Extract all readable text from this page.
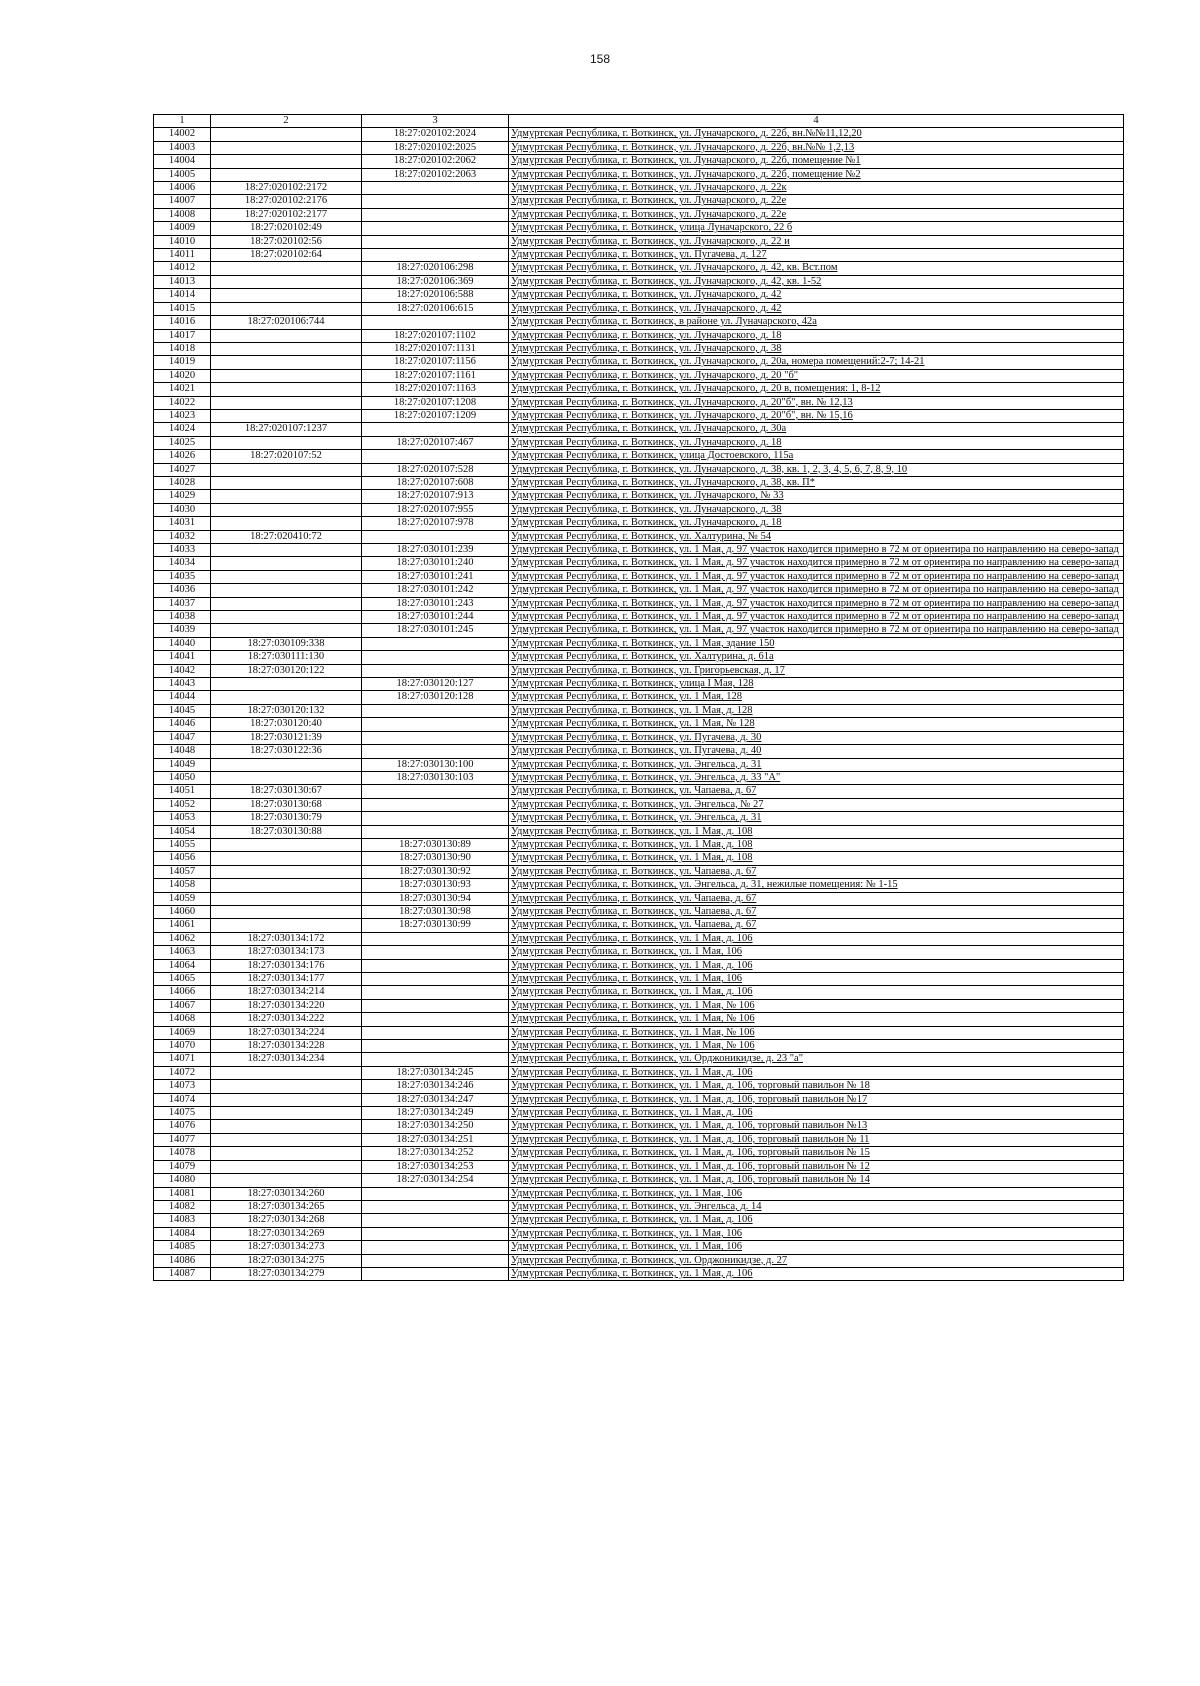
158
1	2	3	4
14002		18:27:020102:2024	Удмуртская Республика, г. Воткинск, ул. Луначарского, д. 22б, вн.№№11,12,20
14003		18:27:020102:2025	Удмуртская Республика, г. Воткинск, ул. Луначарского, д. 22б, вн.№№ 1,2,13
14004		18:27:020102:2062	Удмуртская Республика, г. Воткинск, ул. Луначарского, д. 22б, помещение №1
14005		18:27:020102:2063	Удмуртская Республика, г. Воткинск, ул. Луначарского, д. 22б, помещение №2
14006	18:27:020102:2172		Удмуртская Республика, г. Воткинск, ул. Луначарского, д. 22к
14007	18:27:020102:2176		Удмуртская Республика, г. Воткинск, ул. Луначарского, д. 22е
14008	18:27:020102:2177		Удмуртская Республика, г. Воткинск, ул. Луначарского, д. 22е
14009	18:27:020102:49		Удмуртская Республика, г. Воткинск, улица Луначарского, 22 б
14010	18:27:020102:56		Удмуртская Республика, г. Воткинск, ул. Луначарского, д. 22 и
14011	18:27:020102:64		Удмуртская Республика, г. Воткинск, ул. Пугачева, д. 127
14012		18:27:020106:298	Удмуртская Республика, г. Воткинск, ул. Луначарского, д. 42, кв. Вст.пом
14013		18:27:020106:369	Удмуртская Республика, г. Воткинск, ул. Луначарского, д. 42, кв. 1-52
14014		18:27:020106:588	Удмуртская Республика, г. Воткинск, ул. Луначарского, д. 42
14015		18:27:020106:615	Удмуртская Республика, г. Воткинск, ул. Луначарского, д. 42
14016	18:27:020106:744		Удмуртская Республика, г. Воткинск, в районе ул. Луначарского, 42а
14017		18:27:020107:1102	Удмуртская Республика, г. Воткинск, ул. Луначарского, д. 18
14018		18:27:020107:1131	Удмуртская Республика, г. Воткинск, ул. Луначарского, д. 38
14019		18:27:020107:1156	Удмуртская Республика, г. Воткинск, ул. Луначарского, д. 20а, номера помещений:2-7; 14-21
14020		18:27:020107:1161	Удмуртская Республика, г. Воткинск, ул. Луначарского, д. 20 "б"
14021		18:27:020107:1163	Удмуртская Республика, г. Воткинск, ул. Луначарского, д. 20 в, помещения: 1, 8-12
14022		18:27:020107:1208	Удмуртская Республика, г. Воткинск, ул. Луначарского, д. 20"б", вн. № 12,13
14023		18:27:020107:1209	Удмуртская Республика, г. Воткинск, ул. Луначарского, д. 20"б", вн. № 15,16
14024	18:27:020107:1237		Удмуртская Республика, г. Воткинск, ул. Луначарского, д. 30а
14025		18:27:020107:467	Удмуртская Республика, г. Воткинск, ул. Луначарского, д. 18
14026	18:27:020107:52		Удмуртская Республика, г. Воткинск, улица Достоевского, 115а
14027		18:27:020107:528	Удмуртская Республика, г. Воткинск, ул. Луначарского, д. 38, кв. 1, 2, 3, 4, 5, 6, 7, 8, 9, 10
14028		18:27:020107:608	Удмуртская Республика, г. Воткинск, ул. Луначарского, д. 38, кв. П*
14029		18:27:020107:913	Удмуртская Республика, г. Воткинск, ул. Луначарского, № 33
14030		18:27:020107:955	Удмуртская Республика, г. Воткинск, ул. Луначарского, д. 38
14031		18:27:020107:978	Удмуртская Республика, г. Воткинск, ул. Луначарского, д. 18
14032	18:27:020410:72		Удмуртская Республика, г. Воткинск, ул. Халтурина, № 54
14033		18:27:030101:239	Удмуртская Республика, г. Воткинск, ул. 1 Мая, д. 97 участок находится примерно в 72 м от ориентира по направлению на северо-запад
14034		18:27:030101:240	Удмуртская Республика, г. Воткинск, ул. 1 Мая, д. 97 участок находится примерно в 72 м от ориентира по направлению на северо-запад
14035		18:27:030101:241	Удмуртская Республика, г. Воткинск, ул. 1 Мая, д. 97 участок находится примерно в 72 м от ориентира по направлению на северо-запад
14036		18:27:030101:242	Удмуртская Республика, г. Воткинск, ул. 1 Мая, д. 97 участок находится примерно в 72 м от ориентира по направлению на северо-запад
14037		18:27:030101:243	Удмуртская Республика, г. Воткинск, ул. 1 Мая, д. 97 участок находится примерно в 72 м от ориентира по направлению на северо-запад
14038		18:27:030101:244	Удмуртская Республика, г. Воткинск, ул. 1 Мая, д. 97 участок находится примерно в 72 м от ориентира по направлению на северо-запад
14039		18:27:030101:245	Удмуртская Республика, г. Воткинск, ул. 1 Мая, д. 97 участок находится примерно в 72 м от ориентира по направлению на северо-запад
14040	18:27:030109:338		Удмуртская Республика, г. Воткинск, ул. 1 Мая, здание 150
14041	18:27:030111:130		Удмуртская Республика, г. Воткинск, ул. Халтурина, д. 61а
14042	18:27:030120:122		Удмуртская Республика, г. Воткинск, ул. Григорьевская, д. 17
14043		18:27:030120:127	Удмуртская Республика, г. Воткинск, улица I Мая, 128
14044		18:27:030120:128	Удмуртская Республика, г. Воткинск, ул. 1 Мая, 128
14045	18:27:030120:132		Удмуртская Республика, г. Воткинск, ул. 1 Мая, д. 128
14046	18:27:030120:40		Удмуртская Республика, г. Воткинск, ул. 1 Мая, № 128
14047	18:27:030121:39		Удмуртская Республика, г. Воткинск, ул. Пугачева, д. 30
14048	18:27:030122:36		Удмуртская Республика, г. Воткинск, ул. Пугачева, д. 40
14049		18:27:030130:100	Удмуртская Республика, г. Воткинск, ул. Энгельса, д. 31
14050		18:27:030130:103	Удмуртская Республика, г. Воткинск, ул. Энгельса, д. 33 "А"
14051	18:27:030130:67		Удмуртская Республика, г. Воткинск, ул. Чапаева, д. 67
14052	18:27:030130:68		Удмуртская Республика, г. Воткинск, ул. Энгельса, № 27
14053	18:27:030130:79		Удмуртская Республика, г. Воткинск, ул. Энгельса, д. 31
14054	18:27:030130:88		Удмуртская Республика, г. Воткинск, ул. 1 Мая, д. 108
14055		18:27:030130:89	Удмуртская Республика, г. Воткинск, ул. 1 Мая, д. 108
14056		18:27:030130:90	Удмуртская Республика, г. Воткинск, ул. 1 Мая, д. 108
14057		18:27:030130:92	Удмуртская Республика, г. Воткинск, ул. Чапаева, д. 67
14058		18:27:030130:93	Удмуртская Республика, г. Воткинск, ул. Энгельса, д. 31, нежилые помещения: № 1-15
14059		18:27:030130:94	Удмуртская Республика, г. Воткинск, ул. Чапаева, д. 67
14060		18:27:030130:98	Удмуртская Республика, г. Воткинск, ул. Чапаева, д. 67
14061		18:27:030130:99	Удмуртская Республика, г. Воткинск, ул. Чапаева, д. 67
14062	18:27:030134:172		Удмуртская Республика, г. Воткинск, ул. 1 Мая, д. 106
14063	18:27:030134:173		Удмуртская Республика, г. Воткинск, ул. 1 Мая, 106
14064	18:27:030134:176		Удмуртская Республика, г. Воткинск, ул. 1 Мая, д. 106
14065	18:27:030134:177		Удмуртская Республика, г. Воткинск, ул. 1 Мая, 106
14066	18:27:030134:214		Удмуртская Республика, г. Воткинск, ул. 1 Мая, д. 106
14067	18:27:030134:220		Удмуртская Республика, г. Воткинск, ул. 1 Мая, № 106
14068	18:27:030134:222		Удмуртская Республика, г. Воткинск, ул. 1 Мая, № 106
14069	18:27:030134:224		Удмуртская Республика, г. Воткинск, ул. 1 Мая, № 106
14070	18:27:030134:228		Удмуртская Республика, г. Воткинск, ул. 1 Мая, № 106
14071	18:27:030134:234		Удмуртская Республика, г. Воткинск, ул. Орджоникидзе, д. 23 "а"
14072		18:27:030134:245	Удмуртская Республика, г. Воткинск, ул. 1 Мая, д. 106
14073		18:27:030134:246	Удмуртская Республика, г. Воткинск, ул. 1 Мая, д. 106, торговый павильон № 18
14074		18:27:030134:247	Удмуртская Республика, г. Воткинск, ул. 1 Мая, д. 106, торговый павильон №17
14075		18:27:030134:249	Удмуртская Республика, г. Воткинск, ул. 1 Мая, д. 106
14076		18:27:030134:250	Удмуртская Республика, г. Воткинск, ул. 1 Мая, д. 106, торговый павильон №13
14077		18:27:030134:251	Удмуртская Республика, г. Воткинск, ул. 1 Мая, д. 106, торговый павильон № 11
14078		18:27:030134:252	Удмуртская Республика, г. Воткинск, ул. 1 Мая, д. 106, торговый павильон № 15
14079		18:27:030134:253	Удмуртская Республика, г. Воткинск, ул. 1 Мая, д. 106, торговый павильон № 12
14080		18:27:030134:254	Удмуртская Республика, г. Воткинск, ул. 1 Мая, д. 106, торговый павильон № 14
14081	18:27:030134:260		Удмуртская Республика, г. Воткинск, ул. 1 Мая, 106
14082	18:27:030134:265		Удмуртская Республика, г. Воткинск, ул. Энгельса, д. 14
14083	18:27:030134:268		Удмуртская Республика, г. Воткинск, ул. 1 Мая, д. 106
14084	18:27:030134:269		Удмуртская Республика, г. Воткинск, ул. 1 Мая, 106
14085	18:27:030134:273		Удмуртская Республика, г. Воткинск, ул. 1 Мая, 106
14086	18:27:030134:275		Удмуртская Республика, г. Воткинск, ул. Орджоникидзе, д. 27
14087	18:27:030134:279		Удмуртская Республика, г. Воткинск, ул. 1 Мая, д. 106
